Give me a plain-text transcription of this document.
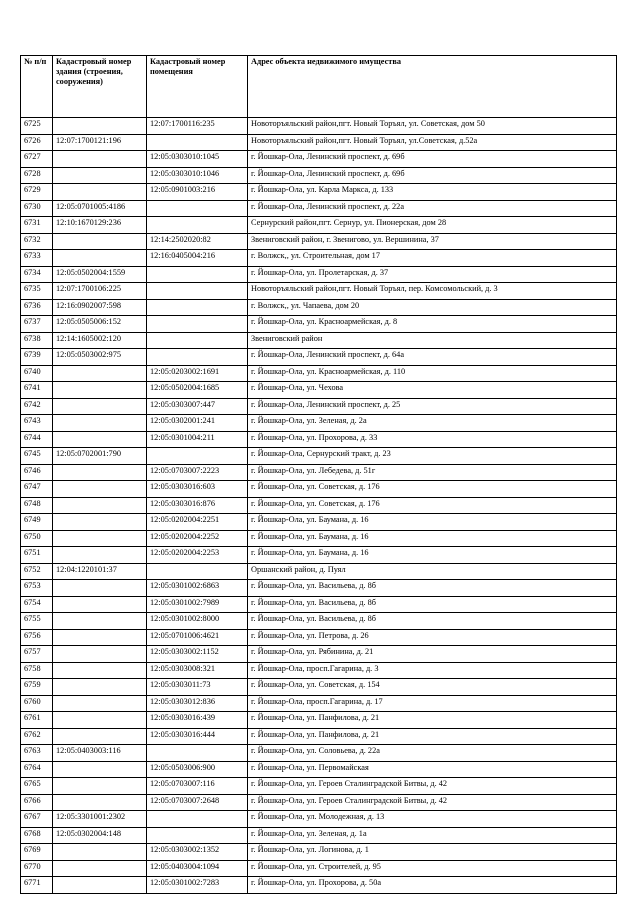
№ п/п	Кадастровый номер здания (строения, сооружения)	Кадастровый номер помещения	Адрес объекта недвижимого имущества
6725		12:07:1700116:235	Новоторъяльский район,пгт. Новый Торъял, ул. Советская, дом 50
6726	12:07:1700121:196		Новоторъяльский район,пгт. Новый Торъял, ул.Советская, д.52а
6727		12:05:0303010:1045	г. Йошкар-Ола, Ленинский проспект, д. 69б
6728		12:05:0303010:1046	г. Йошкар-Ола, Ленинский проспект, д. 69б
6729		12:05:0901003:216	г. Йошкар-Ола, ул. Карла Маркса, д. 133
6730	12:05:0701005:4186		г. Йошкар-Ола, Ленинский проспект, д. 22а
6731	12:10:1670129:236		Сернурский район,пгт. Сернур, ул. Пионерская, дом 28
6732		12:14:2502020:82	Звениговский район, г. Звенигово, ул. Вершинина, 37
6733		12:16:0405004:216	г. Волжск,, ул. Строительная, дом 17
6734	12:05:0502004:1559		г. Йошкар-Ола, ул. Пролетарская, д. 37
6735	12:07:1700106:225		Новоторъяльский район,пгт. Новый Торъял, пер. Комсомольский, д. 3
6736	12:16:0902007:598		г. Волжск,, ул. Чапаева, дом 20
6737	12:05:0505006:152		г. Йошкар-Ола, ул. Красноармейская, д. 8
6738	12:14:1605002:120		Звениговский район
6739	12:05:0503002:975		г. Йошкар-Ола, Ленинский проспект, д. 64а
6740		12:05:0203002:1691	г. Йошкар-Ола, ул. Красноармейская, д. 110
6741		12:05:0502004:1685	г. Йошкар-Ола, ул. Чехова
6742		12:05:0303007:447	г. Йошкар-Ола, Ленинский проспект, д. 25
6743		12:05:0302001:241	г. Йошкар-Ола, ул. Зеленая, д. 2а
6744		12:05:0301004:211	г. Йошкар-Ола, ул. Прохорова, д. 33
6745	12:05:0702001:790		г. Йошкар-Ола, Сернурский тракт, д. 23
6746		12:05:0703007:2223	г. Йошкар-Ола, ул. Лебедева, д. 51г
6747		12:05:0303016:603	г. Йошкар-Ола, ул. Советская, д. 176
6748		12:05:0303016:876	г. Йошкар-Ола, ул. Советская, д. 176
6749		12:05:0202004:2251	г. Йошкар-Ола, ул. Баумана, д. 16
6750		12:05:0202004:2252	г. Йошкар-Ола, ул. Баумана, д. 16
6751		12:05:0202004:2253	г. Йошкар-Ола, ул. Баумана, д. 16
6752	12:04:1220101:37		Оршанский район, д. Пуял
6753		12:05:0301002:6863	г. Йошкар-Ола, ул. Васильева, д. 8б
6754		12:05:0301002:7989	г. Йошкар-Ола, ул. Васильева, д. 8б
6755		12:05:0301002:8000	г. Йошкар-Ола, ул. Васильева, д. 8б
6756		12:05:0701006:4621	г. Йошкар-Ола, ул. Петрова, д. 26
6757		12:05:0303002:1152	г. Йошкар-Ола, ул. Рябинина, д. 21
6758		12:05:0303008:321	г. Йошкар-Ола, просп.Гагарина, д. 3
6759		12:05:0303011:73	г. Йошкар-Ола, ул. Советская, д. 154
6760		12:05:0303012:836	г. Йошкар-Ола, просп.Гагарина, д. 17
6761		12:05:0303016:439	г. Йошкар-Ола, ул. Панфилова, д. 21
6762		12:05:0303016:444	г. Йошкар-Ола, ул. Панфилова, д. 21
6763	12:05:0403003:116		г. Йошкар-Ола, ул. Соловьева, д. 22а
6764		12:05:0503006:900	г. Йошкар-Ола, ул. Первомайская
6765		12:05:0703007:116	г. Йошкар-Ола, ул. Героев Сталинградской Битвы, д. 42
6766		12:05:0703007:2648	г. Йошкар-Ола, ул. Героев Сталинградской Битвы, д. 42
6767	12:05:3301001:2302		г. Йошкар-Ола, ул. Молодежная, д. 13
6768	12:05:0302004:148		г. Йошкар-Ола, ул. Зеленая, д. 1а
6769		12:05:0303002:1352	г. Йошкар-Ола, ул. Логинова, д. 1
6770		12:05:0403004:1094	г. Йошкар-Ола, ул. Строителей, д. 95
6771		12:05:0301002:7283	г. Йошкар-Ола, ул. Прохорова, д. 50а
